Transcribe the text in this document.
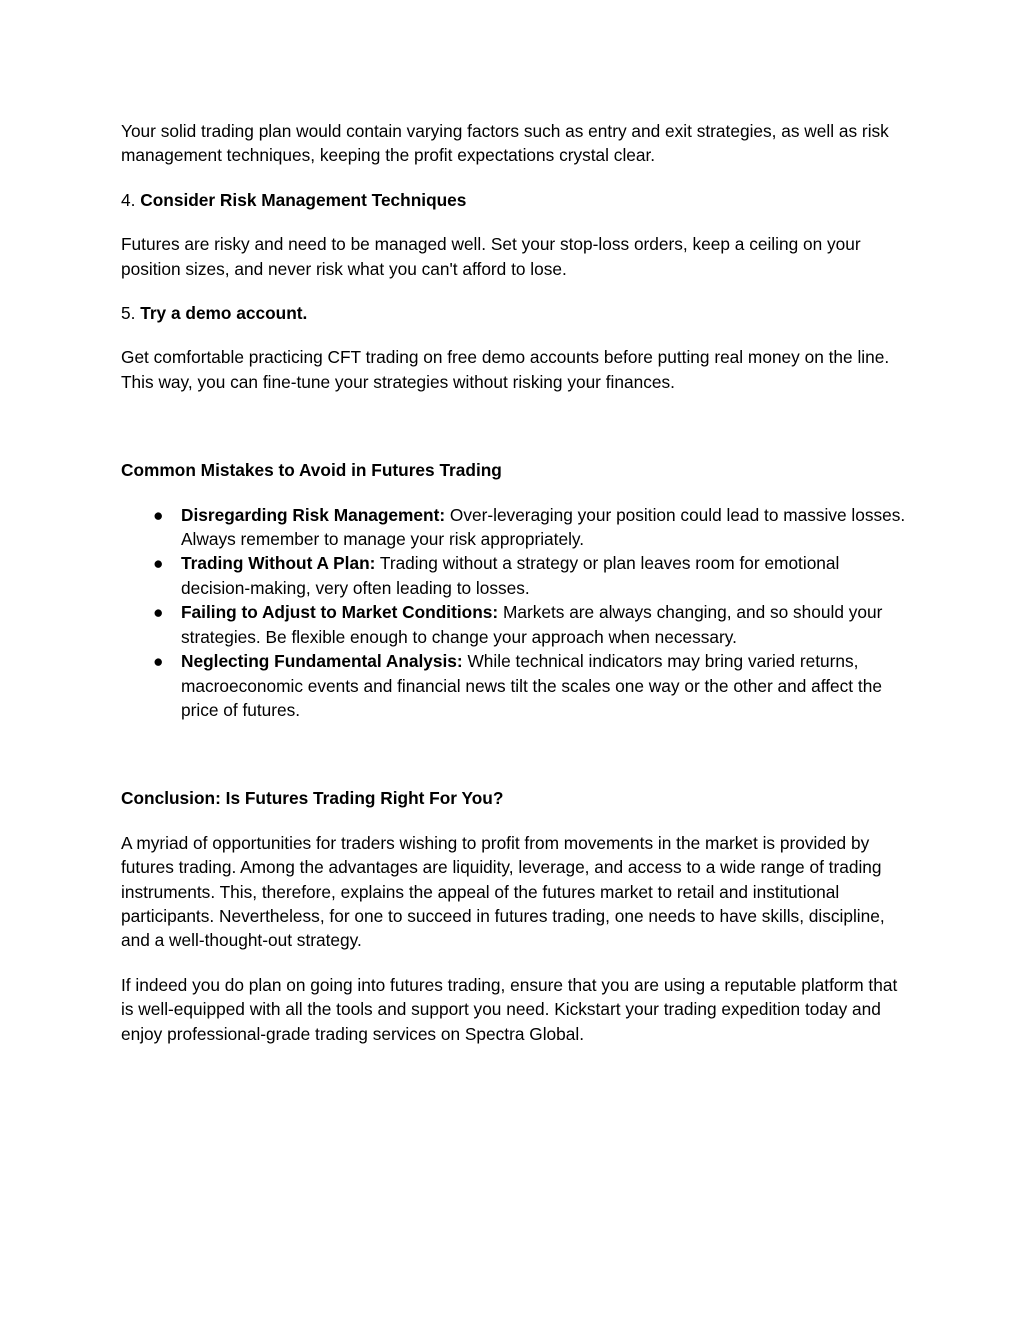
Your solid trading plan would contain varying factors such as entry and exit strategies, as well as risk management techniques, keeping the profit expectations crystal clear.

4. Consider Risk Management Techniques

Futures are risky and need to be managed well. Set your stop-loss orders, keep a ceiling on your position sizes, and never risk what you can't afford to lose.

5. Try a demo account.

Get comfortable practicing CFT trading on free demo accounts before putting real money on the line. This way, you can fine-tune your strategies without risking your finances.

Common Mistakes to Avoid in Futures Trading

● Disregarding Risk Management: Over-leveraging your position could lead to massive losses. Always remember to manage your risk appropriately.
● Trading Without A Plan: Trading without a strategy or plan leaves room for emotional decision-making, very often leading to losses.
● Failing to Adjust to Market Conditions: Markets are always changing, and so should your strategies. Be flexible enough to change your approach when necessary.
● Neglecting Fundamental Analysis: While technical indicators may bring varied returns, macroeconomic events and financial news tilt the scales one way or the other and affect the price of futures.

Conclusion: Is Futures Trading Right For You?

A myriad of opportunities for traders wishing to profit from movements in the market is provided by futures trading. Among the advantages are liquidity, leverage, and access to a wide range of trading instruments. This, therefore, explains the appeal of the futures market to retail and institutional participants. Nevertheless, for one to succeed in futures trading, one needs to have skills, discipline, and a well-thought-out strategy.

If indeed you do plan on going into futures trading, ensure that you are using a reputable platform that is well-equipped with all the tools and support you need. Kickstart your trading expedition today and enjoy professional-grade trading services on Spectra Global.
